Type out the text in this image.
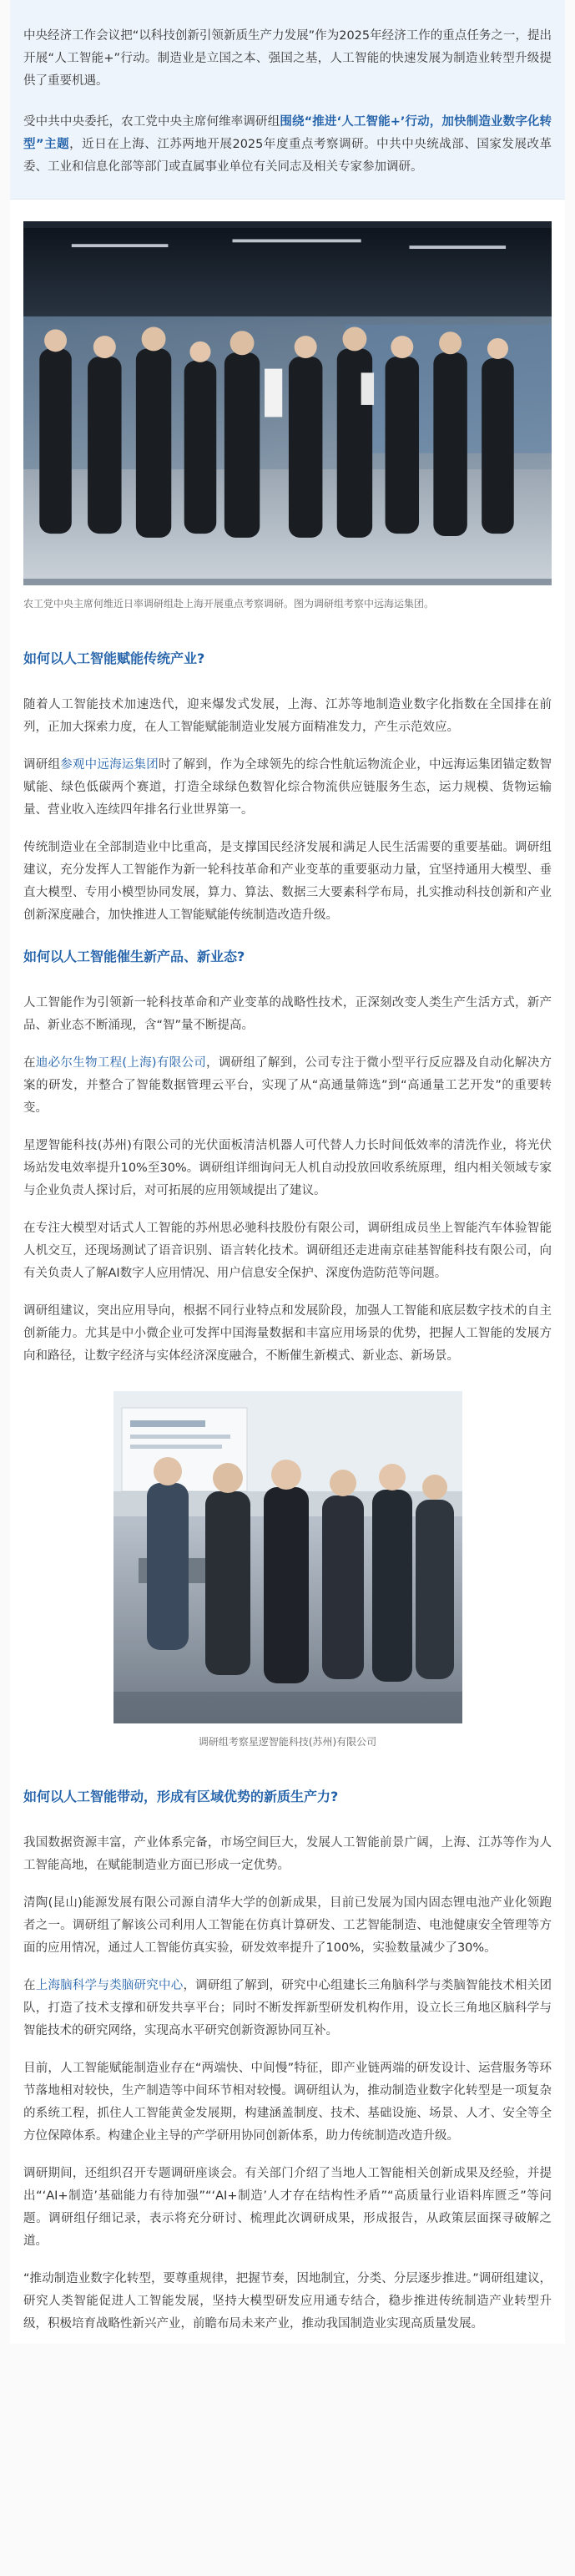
中央经济工作会议把“以科技创新引领新质生产力发展”作为2025年经济工作的重点任务之一，提出开展“人工智能+”行动。制造业是立国之本、强国之基，人工智能的快速发展为制造业转型升级提供了重要机遇。

受中共中央委托，农工党中央主席何维率调研组围绕“推进‘人工智能+’行动，加快制造业数字化转型”主题，近日在上海、江苏两地开展2025年度重点考察调研。中共中央统战部、国家发展改革委、工业和信息化部等部门或直属事业单位有关同志及相关专家参加调研。

农工党中央主席何维近日率调研组赴上海开展重点考察调研。图为调研组考察中远海运集团。
如何以人工智能赋能传统产业?

随着人工智能技术加速迭代，迎来爆发式发展，上海、江苏等地制造业数字化指数在全国排在前列，正加大探索力度，在人工智能赋能制造业发展方面精准发力，产生示范效应。

调研组参观中远海运集团时了解到，作为全球领先的综合性航运物流企业，中远海运集团锚定数智赋能、绿色低碳两个赛道，打造全球绿色数智化综合物流供应链服务生态，运力规模、货物运输量、营业收入连续四年排名行业世界第一。

传统制造业在全部制造业中比重高，是支撑国民经济发展和满足人民生活需要的重要基础。调研组建议，充分发挥人工智能作为新一轮科技革命和产业变革的重要驱动力量，宜坚持通用大模型、垂直大模型、专用小模型协同发展，算力、算法、数据三大要素科学布局，扎实推动科技创新和产业创新深度融合，加快推进人工智能赋能传统制造改造升级。

如何以人工智能催生新产品、新业态?

人工智能作为引领新一轮科技革命和产业变革的战略性技术，正深刻改变人类生产生活方式，新产品、新业态不断涌现，含“智”量不断提高。

在迪必尔生物工程(上海)有限公司，调研组了解到，公司专注于微小型平行反应器及自动化解决方案的研发，并整合了智能数据管理云平台，实现了从“高通量筛选”到“高通量工艺开发”的重要转变。

星逻智能科技(苏州)有限公司的光伏面板清洁机器人可代替人力长时间低效率的清洗作业，将光伏场站发电效率提升10%至30%。调研组详细询问无人机自动投放回收系统原理，组内相关领域专家与企业负责人探讨后，对可拓展的应用领域提出了建议。

在专注大模型对话式人工智能的苏州思必驰科技股份有限公司，调研组成员坐上智能汽车体验智能人机交互，还现场测试了语音识别、语言转化技术。调研组还走进南京硅基智能科技有限公司，向有关负责人了解AI数字人应用情况、用户信息安全保护、深度伪造防范等问题。

调研组建议，突出应用导向，根据不同行业特点和发展阶段，加强人工智能和底层数字技术的自主创新能力。尤其是中小微企业可发挥中国海量数据和丰富应用场景的优势，把握人工智能的发展方向和路径，让数字经济与实体经济深度融合，不断催生新模式、新业态、新场景。

调研组考察星逻智能科技(苏州)有限公司
如何以人工智能带动，形成有区域优势的新质生产力?

我国数据资源丰富，产业体系完备，市场空间巨大，发展人工智能前景广阔，上海、江苏等作为人工智能高地，在赋能制造业方面已形成一定优势。

清陶(昆山)能源发展有限公司源自清华大学的创新成果，目前已发展为国内固态锂电池产业化领跑者之一。调研组了解该公司利用人工智能在仿真计算研发、工艺智能制造、电池健康安全管理等方面的应用情况，通过人工智能仿真实验，研发效率提升了100%，实验数量减少了30%。

在上海脑科学与类脑研究中心，调研组了解到，研究中心组建长三角脑科学与类脑智能技术相关团队，打造了技术支撑和研发共享平台；同时不断发挥新型研发机构作用，设立长三角地区脑科学与智能技术的研究网络，实现高水平研究创新资源协同互补。

目前，人工智能赋能制造业存在“两端快、中间慢”特征，即产业链两端的研发设计、运营服务等环节落地相对较快，生产制造等中间环节相对较慢。调研组认为，推动制造业数字化转型是一项复杂的系统工程，抓住人工智能黄金发展期，构建涵盖制度、技术、基础设施、场景、人才、安全等全方位保障体系。构建企业主导的产学研用协同创新体系，助力传统制造改造升级。

调研期间，还组织召开专题调研座谈会。有关部门介绍了当地人工智能相关创新成果及经验，并提出“‘AI+制造’基础能力有待加强”“‘AI+制造’人才存在结构性矛盾”“高质量行业语料库匮乏”等问题。调研组仔细记录，表示将充分研讨、梳理此次调研成果，形成报告，从政策层面探寻破解之道。

“推动制造业数字化转型，要尊重规律，把握节奏，因地制宜，分类、分层逐步推进。”调研组建议，研究人类智能促进人工智能发展，坚持大模型研发应用通专结合，稳步推进传统制造产业转型升级，积极培育战略性新兴产业，前瞻布局未来产业，推动我国制造业实现高质量发展。
